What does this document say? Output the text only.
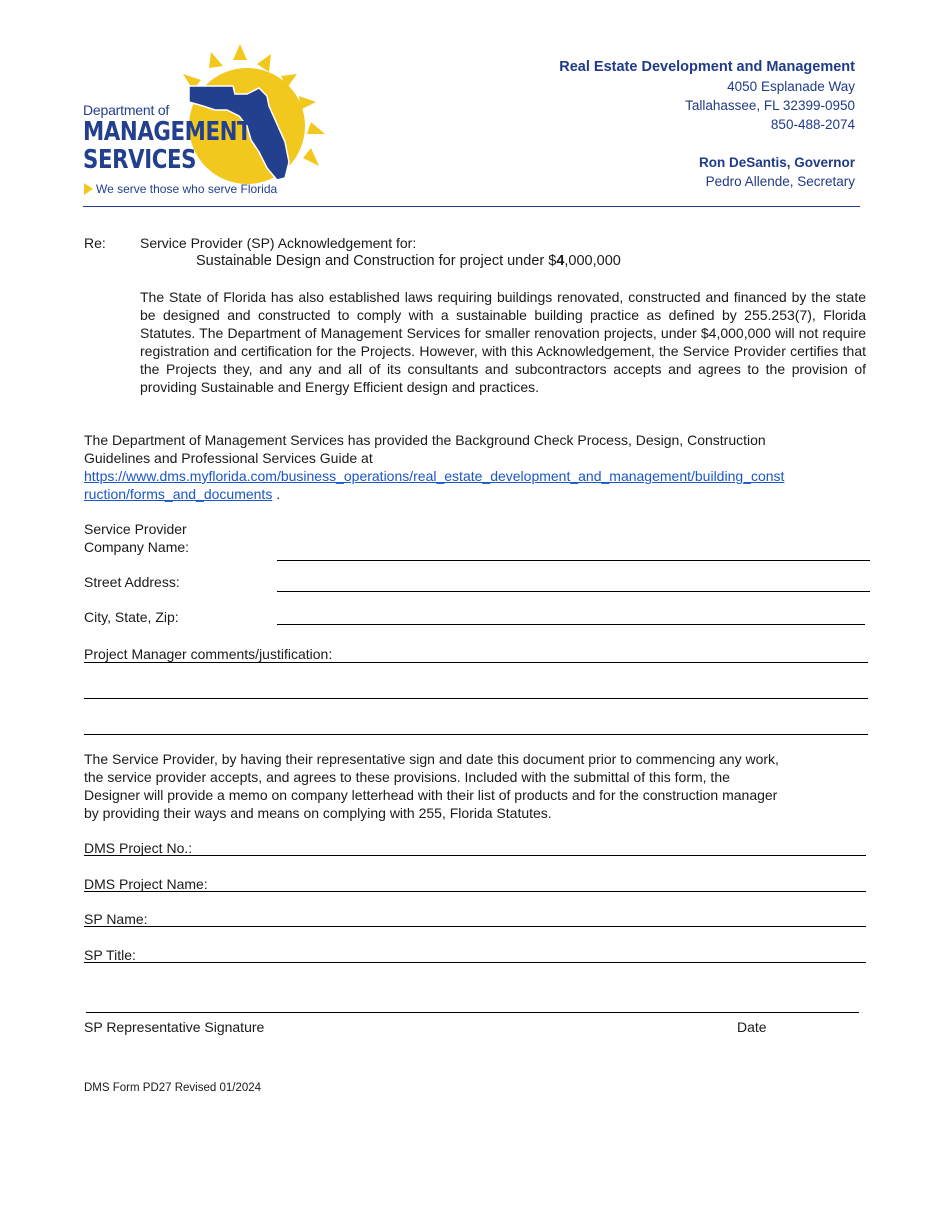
Department of
MANAGEMENT
SERVICES
We serve those who serve Florida
Real Estate Development and Management
4050 Esplanade Way
Tallahassee, FL 32399-0950
850-488-2074
Ron DeSantis, Governor
Pedro Allende, Secretary
Re: Service Provider (SP) Acknowledgement for:
Sustainable Design and Construction for project under $4,000,000
The State of Florida has also established laws requiring buildings renovated, constructed and financed by the state be designed and constructed to comply with a sustainable building practice as defined by 255.253(7), Florida Statutes. The Department of Management Services for smaller renovation projects, under $4,000,000 will not require registration and certification for the Projects. However, with this Acknowledgement, the Service Provider certifies that the Projects they, and any and all of its consultants and subcontractors accepts and agrees to the provision of providing Sustainable and Energy Efficient design and practices.
The Department of Management Services has provided the Background Check Process, Design, Construction
Guidelines and Professional Services Guide at
https://www.dms.myflorida.com/business_operations/real_estate_development_and_management/building_const
ruction/forms_and_documents .
Service Provider
Company Name:
Street Address:
City, State, Zip:
Project Manager comments/justification:
The Service Provider, by having their representative sign and date this document prior to commencing any work,
the service provider accepts, and agrees to these provisions. Included with the submittal of this form, the
Designer will provide a memo on company letterhead with their list of products and for the construction manager
by providing their ways and means on complying with 255, Florida Statutes.
DMS Project No.:
DMS Project Name:
SP Name:
SP Title:
SP Representative Signature	Date
DMS Form PD27 Revised 01/2024
